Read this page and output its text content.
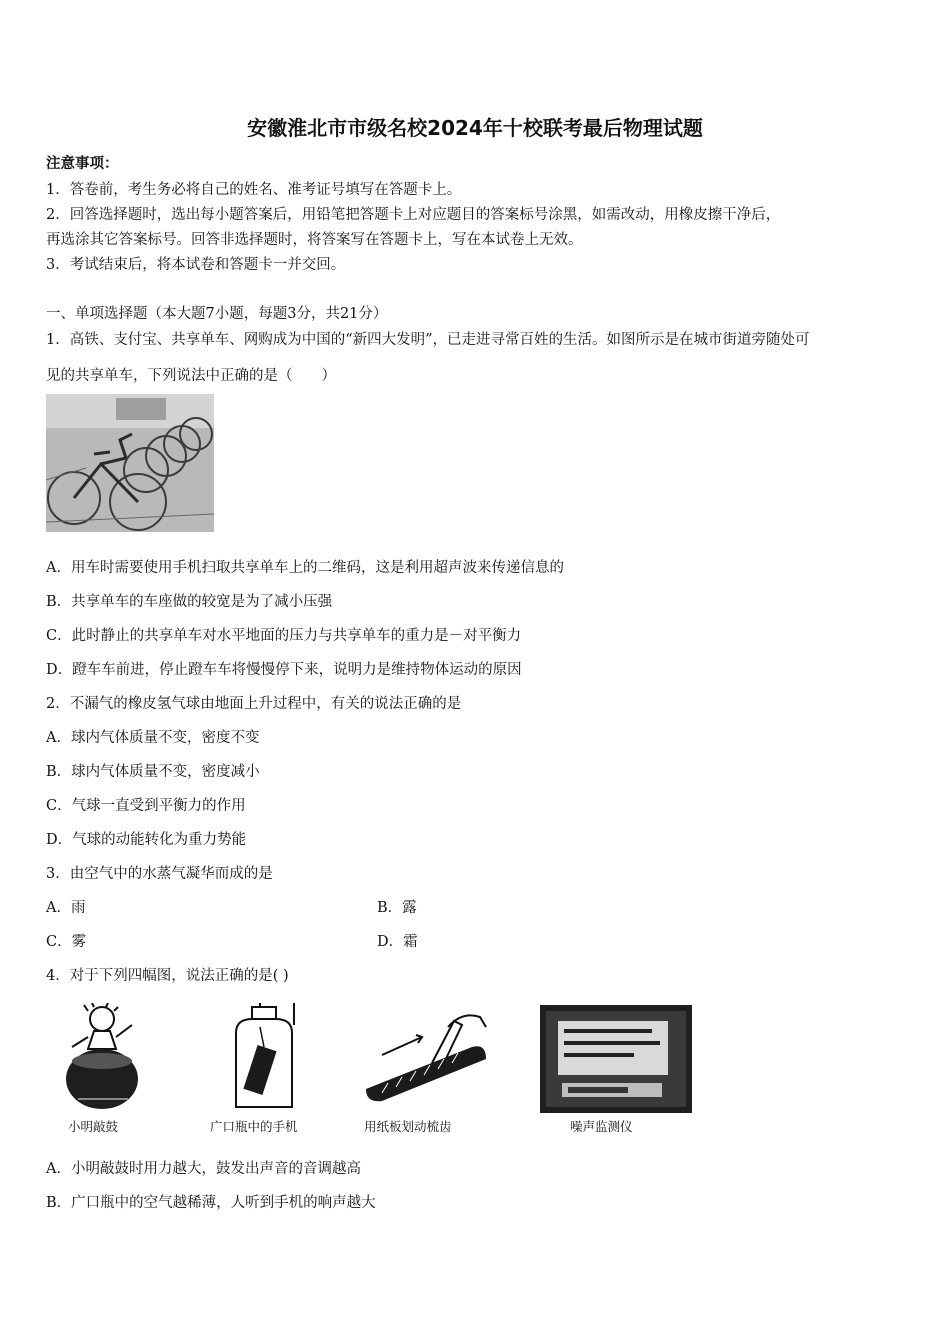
安徽淮北市市级名校2024年十校联考最后物理试题
注意事项：
1．答卷前，考生务必将自己的姓名、准考证号填写在答题卡上。
2．回答选择题时，选出每小题答案后，用铅笔把答题卡上对应题目的答案标号涂黑，如需改动，用橡皮擦干净后，
再选涂其它答案标号。回答非选择题时，将答案写在答题卡上，写在本试卷上无效。
3．考试结束后，将本试卷和答题卡一并交回。
一、单项选择题（本大题7小题，每题3分，共21分）
1．高铁、支付宝、共享单车、网购成为中国的“新四大发明”，已走进寻常百姓的生活。如图所示是在城市街道旁随处可
见的共享单车，下列说法中正确的是（　　）
A．用车时需要使用手机扫取共享单车上的二维码，这是利用超声波来传递信息的
B．共享单车的车座做的较宽是为了减小压强
C．此时静止的共享单车对水平地面的压力与共享单车的重力是－对平衡力
D．蹬车车前进，停止蹬车车将慢慢停下来，说明力是维持物体运动的原因
2．不漏气的橡皮氢气球由地面上升过程中，有关的说法正确的是
A．球内气体质量不变，密度不变
B．球内气体质量不变，密度减小
C．气球一直受到平衡力的作用
D．气球的动能转化为重力势能
3．由空气中的水蒸气凝华而成的是
A．雨	B．露
C．雾	D．霜
4．对于下列四幅图，说法正确的是( )
小明敲鼓	广口瓶中的手机	用纸板划动梳齿	噪声监测仪
A．小明敲鼓时用力越大，鼓发出声音的音调越高
B．广口瓶中的空气越稀薄，人听到手机的响声越大
